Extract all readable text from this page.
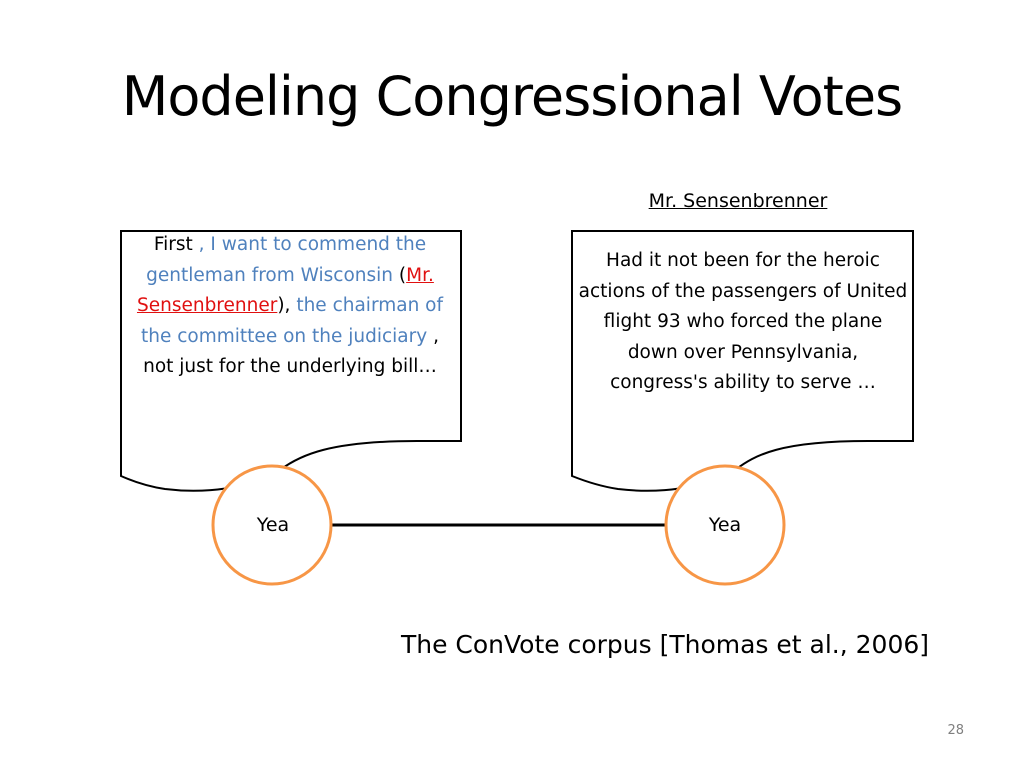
Modeling Congressional Votes
Mr. Sensenbrenner
First , I want to commend the gentleman from Wisconsin (Mr. Sensenbrenner), the chairman of the committee on the judiciary , not just for the underlying bill…
Had it not been for the heroic actions of the passengers of United flight 93 who forced the plane down over Pennsylvania, congress's ability to serve …
Yea	Yea
The ConVote corpus [Thomas et al., 2006]
28
